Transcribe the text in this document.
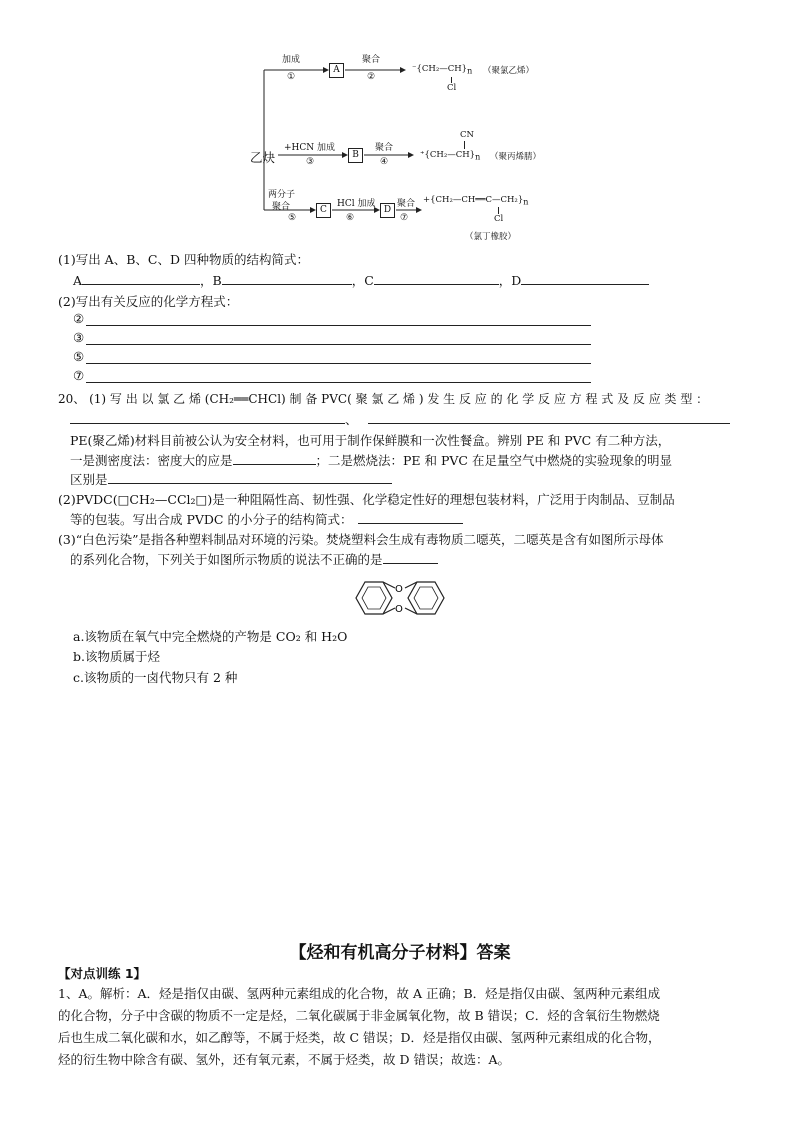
加成
①
A
聚合
②
$^-\{CH_2—CH\}_n$ （聚氯乙烯）
Cl
乙炔
+HCN 加成
③
B
聚合
④
CN
$^+\{CH_2—CH\}_n$ （聚丙烯腈）
两分子
聚合
⑤
C
HCl 加成
⑥
D
聚合
⑦
$+\{CH_2—CH══C—CH_2\}_n$
Cl
（氯丁橡胶）
(1)写出 A、B、C、D 四种物质的结构简式：
A	，B	，C	，D
(2)写出有关反应的化学方程式：
②
③
⑤
⑦
20、 (1) 写 出 以 氯 乙 烯 (CH₂══CHCl) 制 备 PVC( 聚 氯 乙 烯 ) 发 生 反 应 的 化 学 反 应 方 程 式 及 反 应 类 型 ：
、
PE(聚乙烯)材料目前被公认为安全材料，也可用于制作保鲜膜和一次性餐盒。辨别 PE 和 PVC 有二种方法，
一是测密度法：密度大的应是	；二是燃烧法：PE 和 PVC 在足量空气中燃烧的实验现象的明显
区别是
(2)PVDC(□CH₂—CCl₂□)是一种阻隔性高、韧性强、化学稳定性好的理想包装材料，广泛用于肉制品、豆制品
等的包装。写出合成 PVDC 的小分子的结构简式：
(3)“白色污染”是指各种塑料制品对环境的污染。焚烧塑料会生成有毒物质二噁英，二噁英是含有如图所示母体
的系列化合物，下列关于如图所示物质的说法不正确的是
O
O
a.该物质在氧气中完全燃烧的产物是 CO₂ 和 H₂O
b.该物质属于烃
c.该物质的一卤代物只有 2 种
【烃和有机高分子材料】答案
【对点训练 1】
1、A。解析：A．烃是指仅由碳、氢两种元素组成的化合物，故 A 正确；B．烃是指仅由碳、氢两种元素组成
的化合物，分子中含碳的物质不一定是烃，二氧化碳属于非金属氧化物，故 B 错误；C．烃的含氧衍生物燃烧
后也生成二氧化碳和水，如乙醇等，不属于烃类，故 C 错误；D．烃是指仅由碳、氢两种元素组成的化合物，
烃的衍生物中除含有碳、氢外，还有氧元素，不属于烃类，故 D 错误；故选：A。
